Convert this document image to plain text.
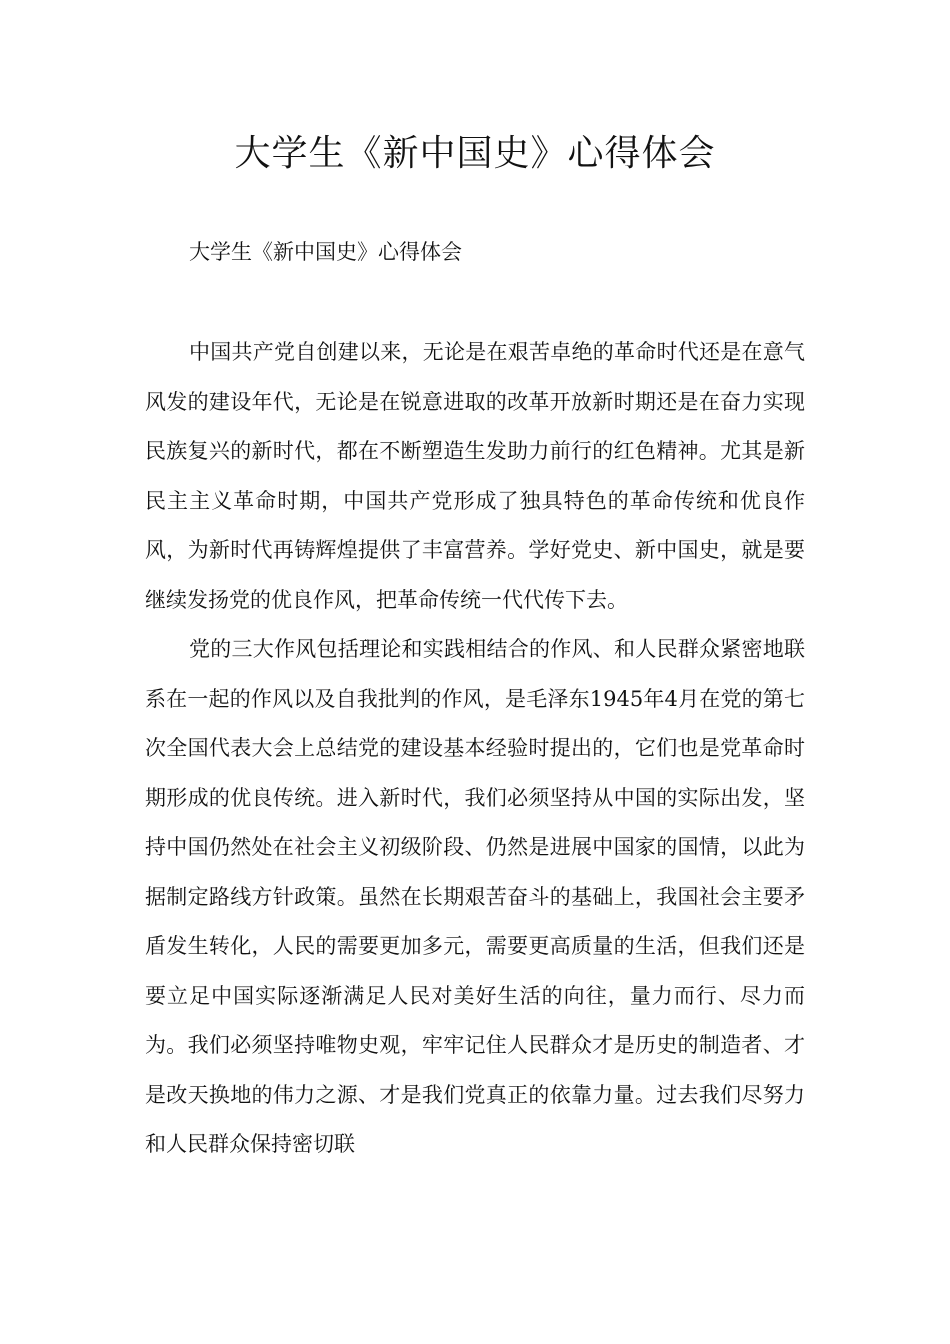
大学生《新中国史》心得体会

大学生《新中国史》心得体会

中国共产党自创建以来，无论是在艰苦卓绝的革命时代还是在意气风发的建设年代，无论是在锐意进取的改革开放新时期还是在奋力实现民族复兴的新时代，都在不断塑造生发助力前行的红色精神。尤其是新民主主义革命时期，中国共产党形成了独具特色的革命传统和优良作风，为新时代再铸辉煌提供了丰富营养。学好党史、新中国史，就是要继续发扬党的优良作风，把革命传统一代代传下去。

党的三大作风包括理论和实践相结合的作风、和人民群众紧密地联系在一起的作风以及自我批判的作风，是毛泽东1945年4月在党的第七次全国代表大会上总结党的建设基本经验时提出的，它们也是党革命时期形成的优良传统。进入新时代，我们必须坚持从中国的实际出发，坚持中国仍然处在社会主义初级阶段、仍然是进展中国家的国情，以此为据制定路线方针政策。虽然在长期艰苦奋斗的基础上，我国社会主要矛盾发生转化，人民的需要更加多元，需要更高质量的生活，但我们还是要立足中国实际逐渐满足人民对美好生活的向往，量力而行、尽力而为。我们必须坚持唯物史观，牢牢记住人民群众才是历史的制造者、才是改天换地的伟力之源、才是我们党真正的依靠力量。过去我们尽努力和人民群众保持密切联
